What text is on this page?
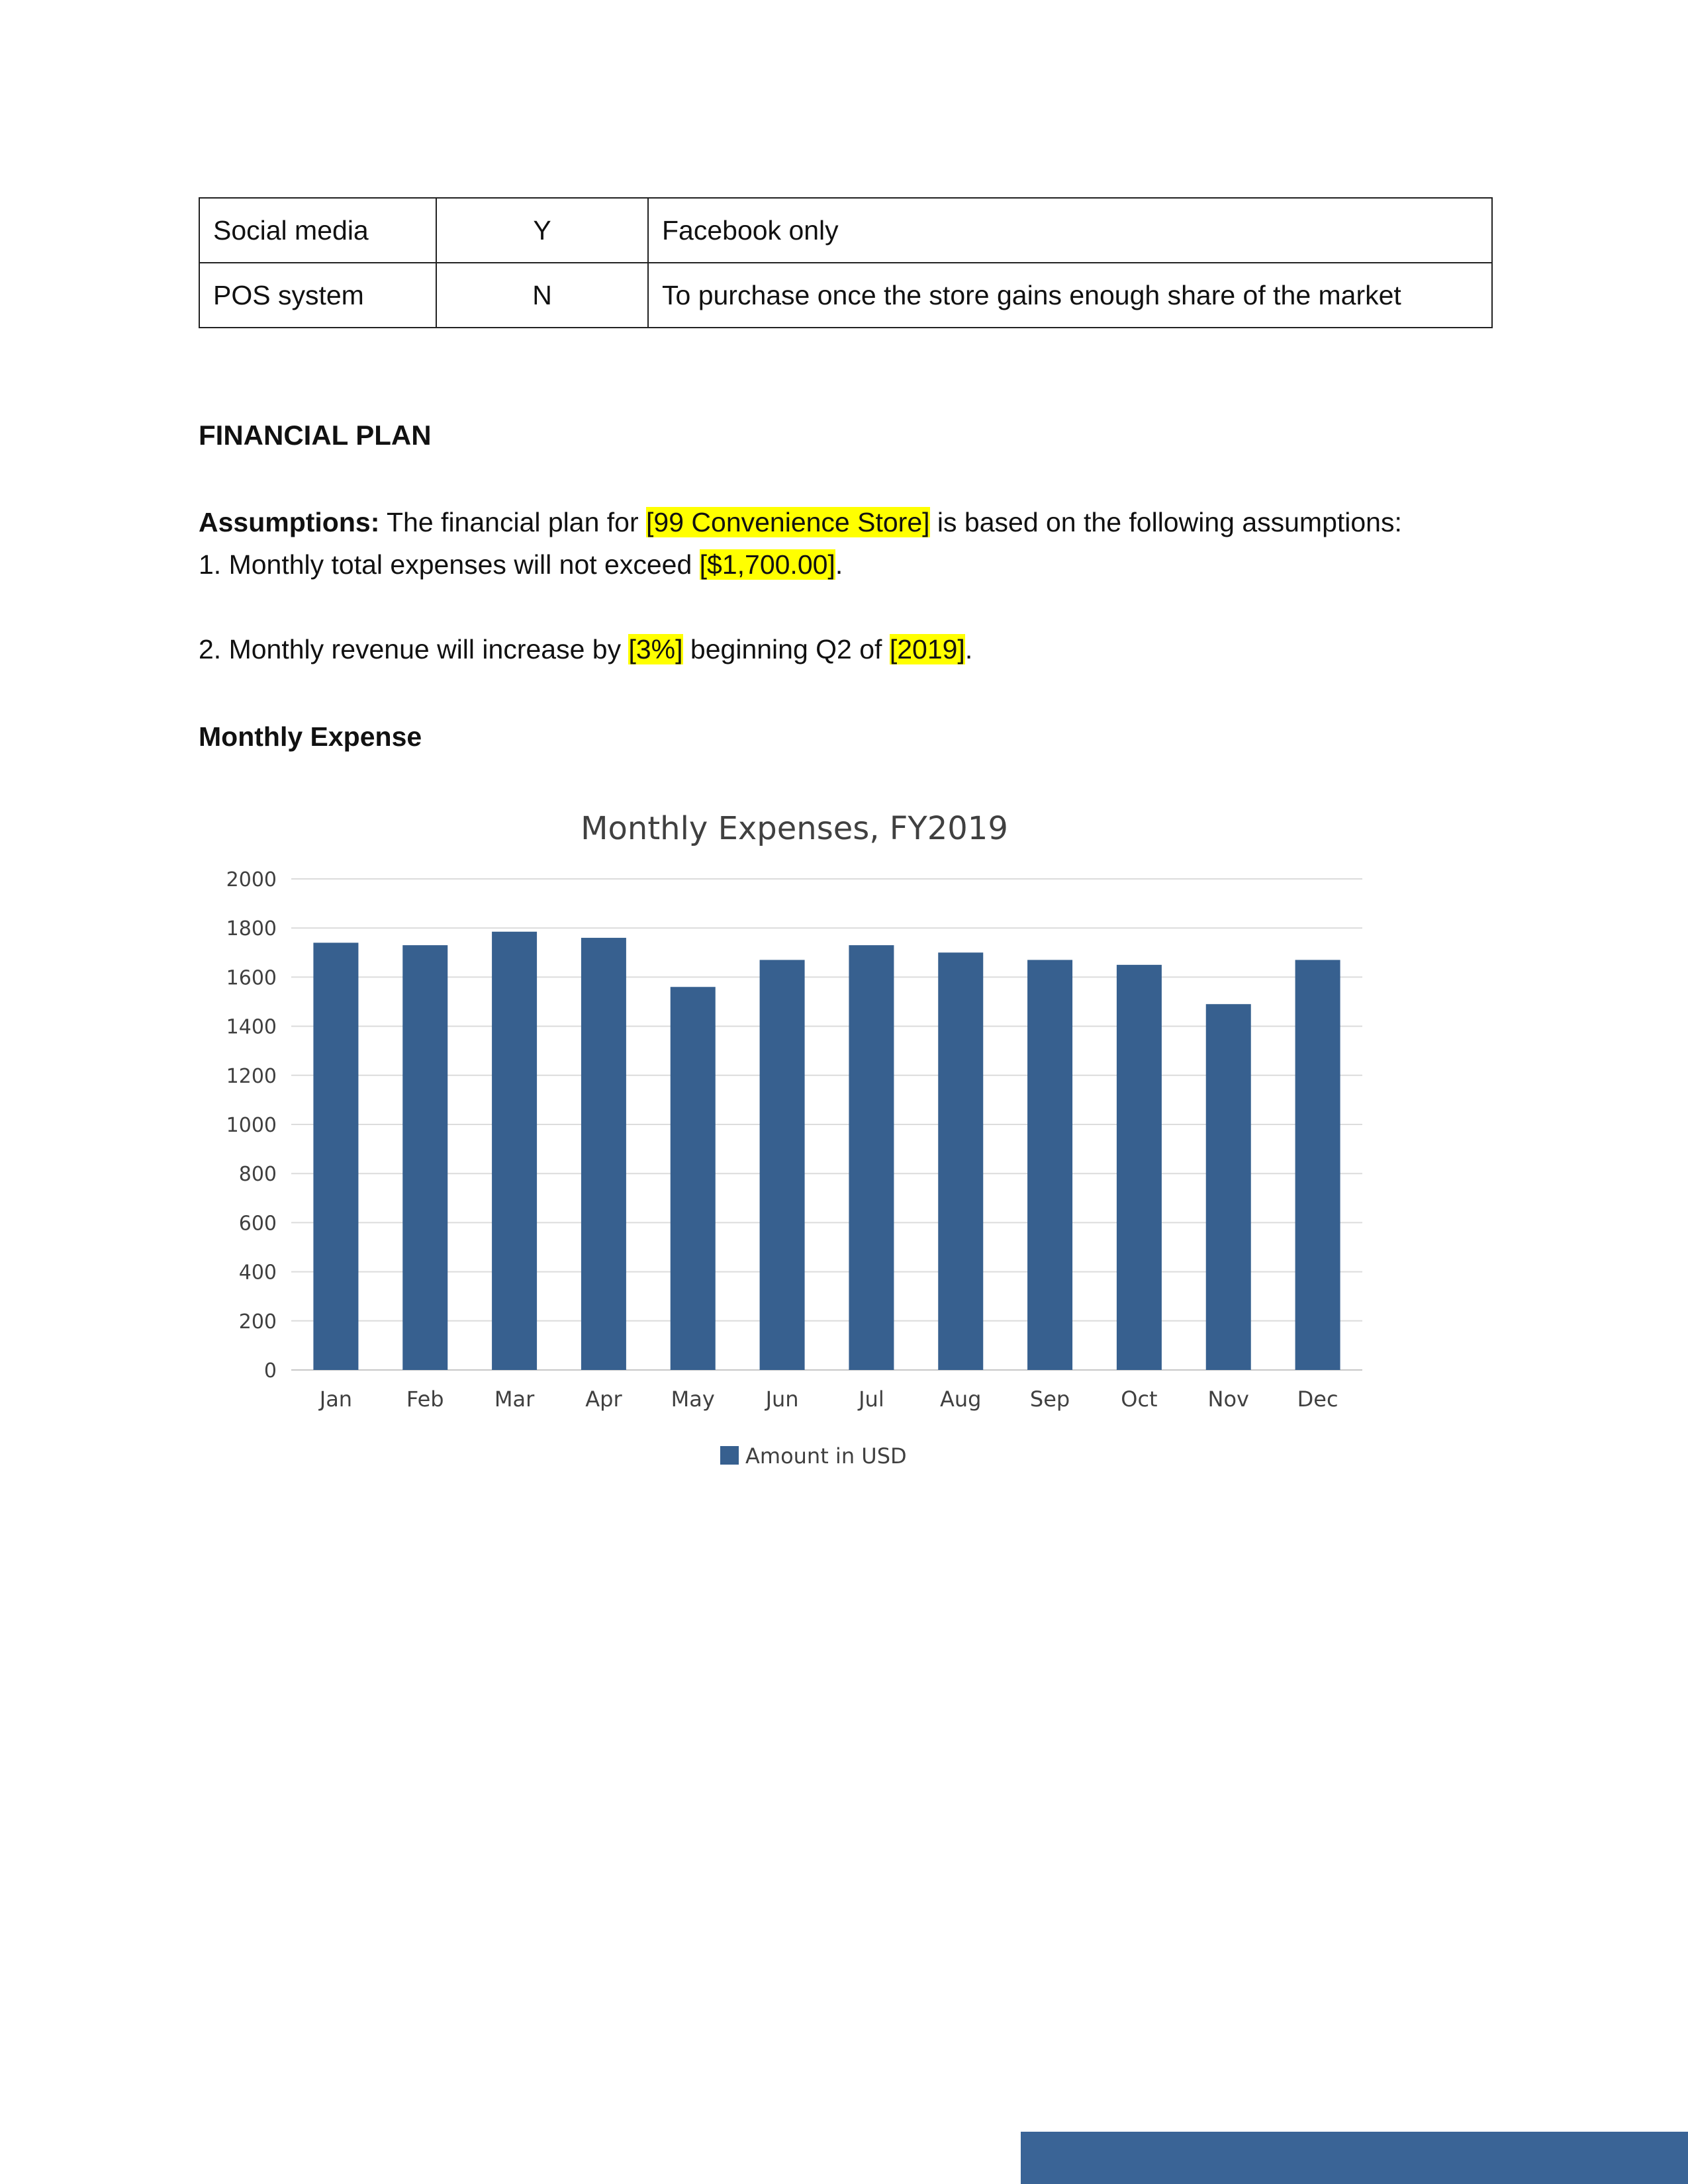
Social media	Y	Facebook only
POS system	N	To purchase once the store gains enough share of the market
FINANCIAL PLAN
Assumptions: The financial plan for [99 Convenience Store] is based on the following assumptions:
1. Monthly total expenses will not exceed [$1,700.00].
2. Monthly revenue will increase by [3%] beginning Q2 of [2019].
Monthly Expense
Monthly Expenses, FY2019
0
200
400
600
800
1000
1200
1400
1600
1800
2000
Jan	Feb Mar Apr May Jun	Jul	Aug Sep Oct Nov Dec
Amount in USD
